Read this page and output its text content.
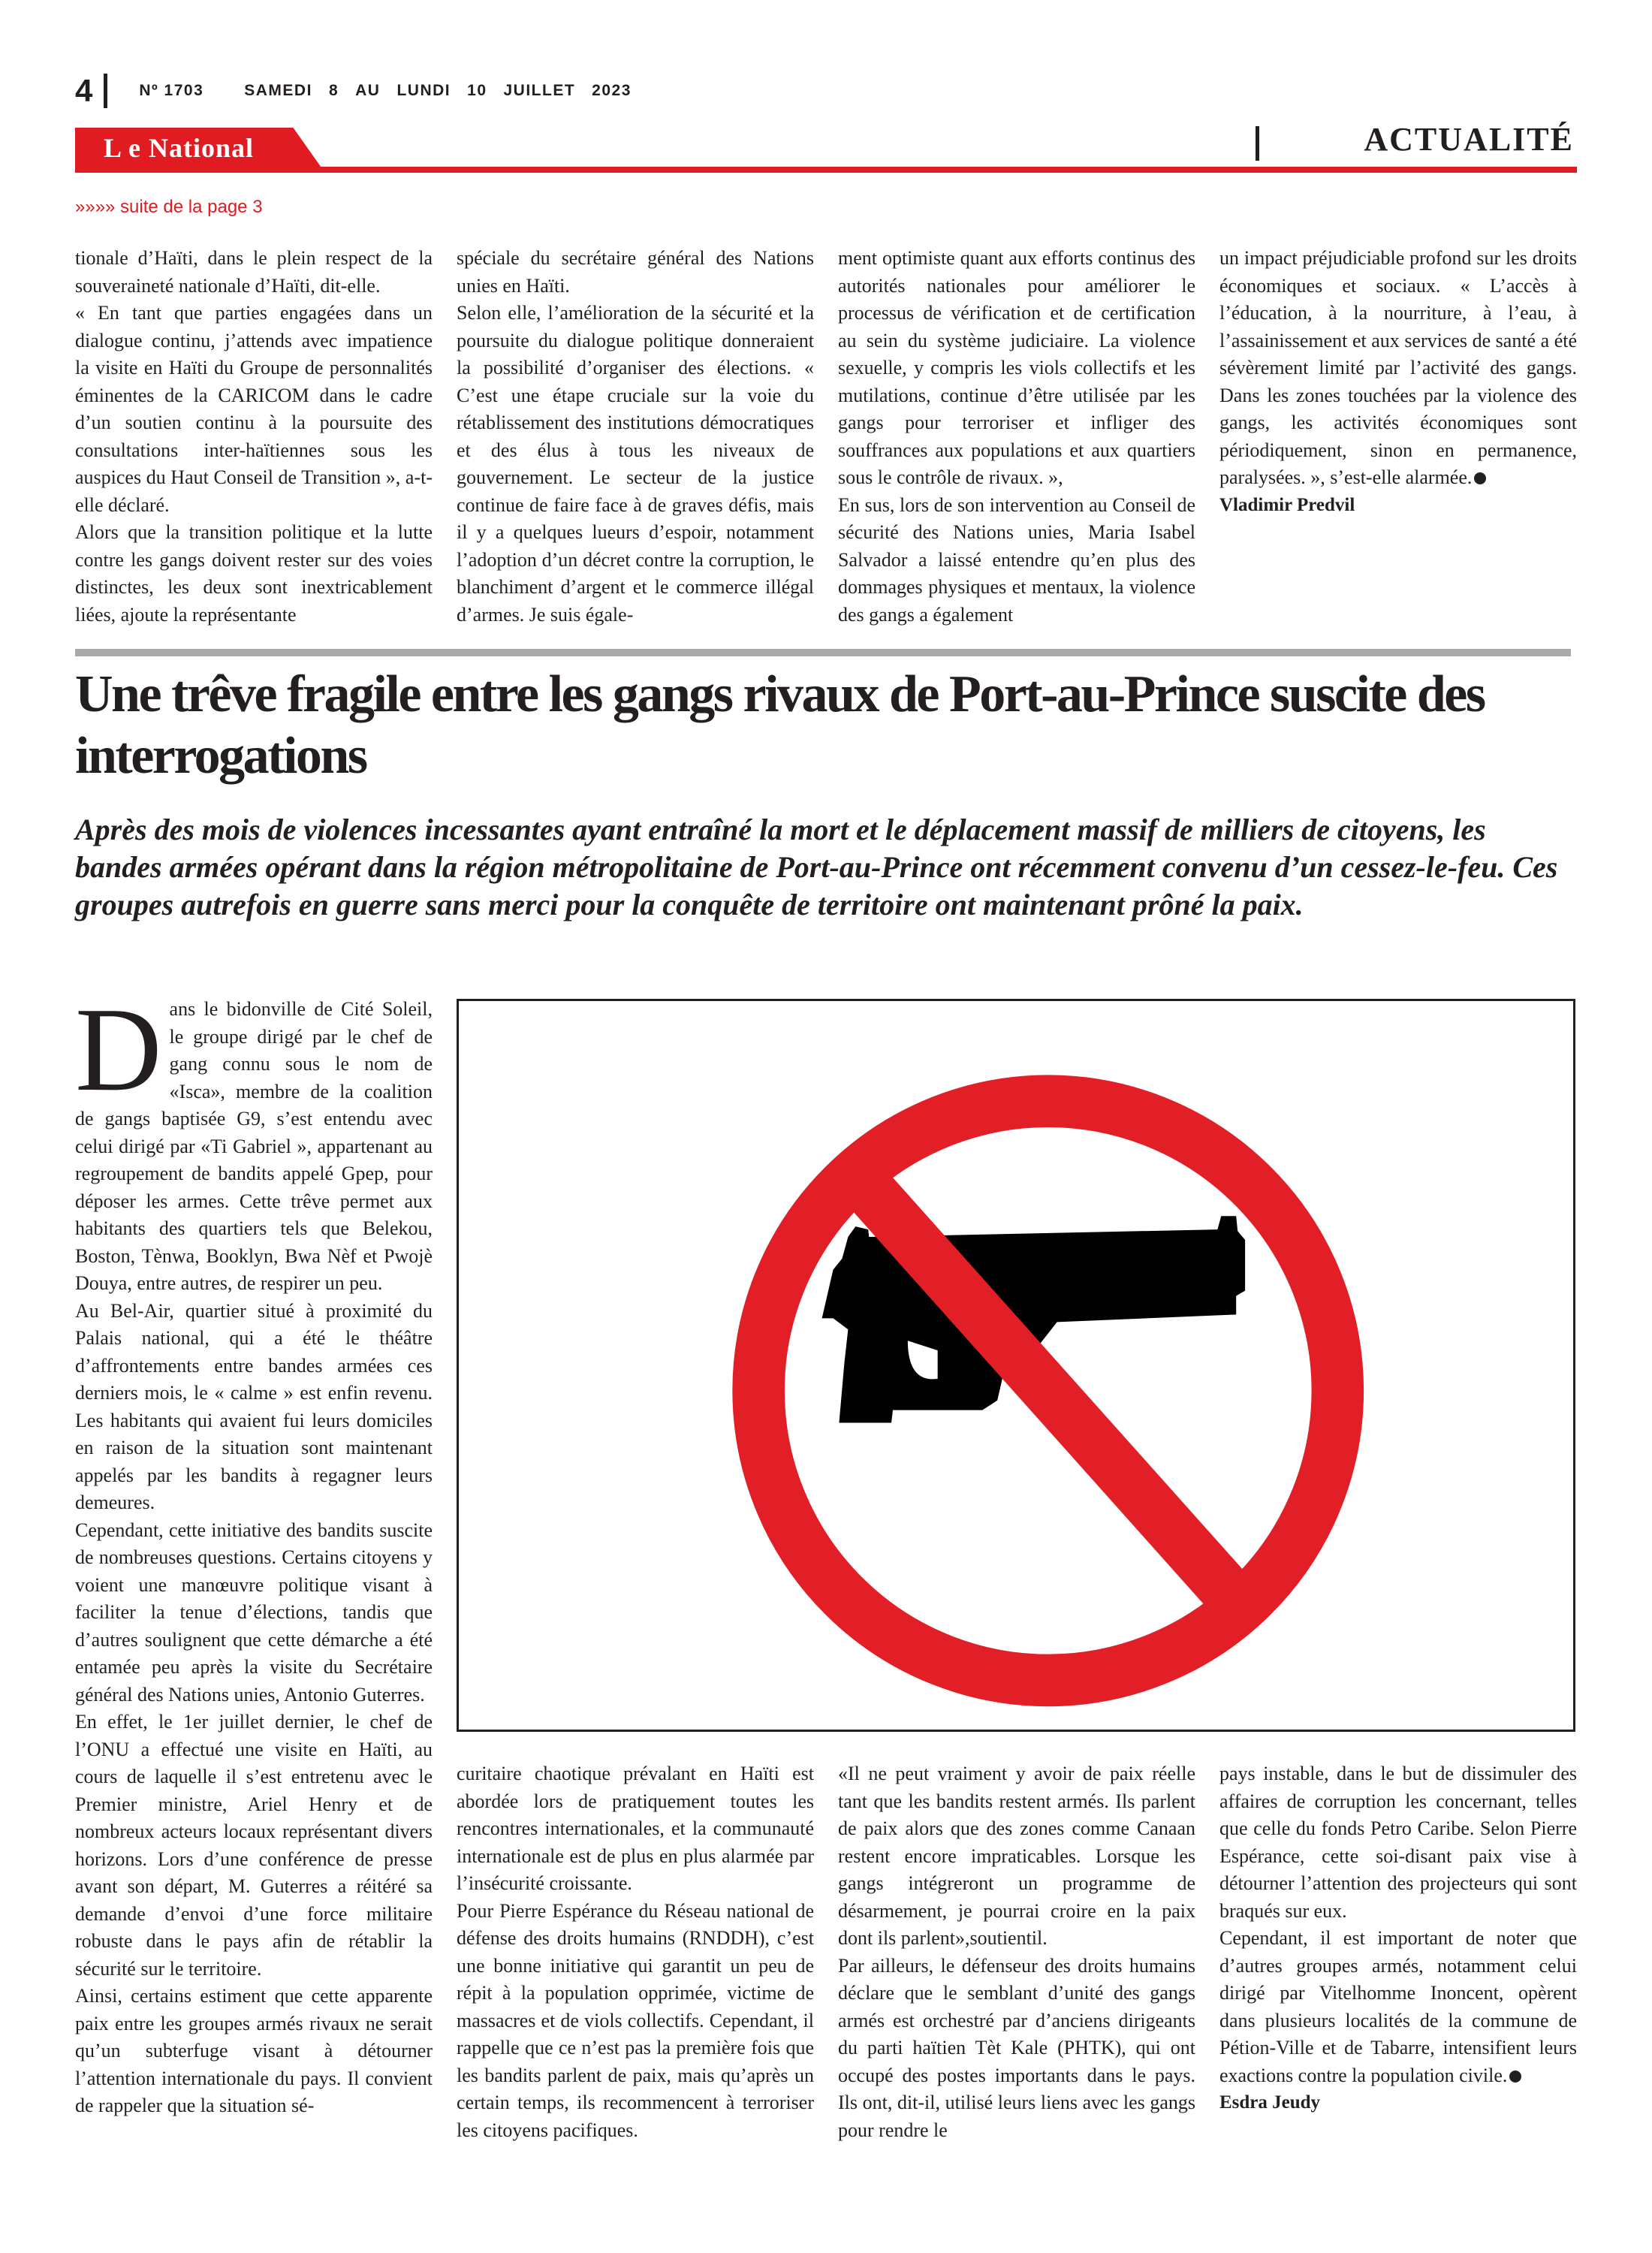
4	Nº 1703	SAMEDI 8 AU LUNDI 10 JUILLET 2023
L e National	ACTUALITÉ
»»»» suite de la page 3

tionale d’Haïti, dans le plein respect de la souveraineté nationale d’Haïti, dit-elle.

« En tant que parties engagées dans un dialogue continu, j’attends avec impatience la visite en Haïti du Groupe de personnalités éminentes de la CARICOM dans le cadre d’un soutien continu à la poursuite des consultations inter-haïtiennes sous les auspices du Haut Conseil de Transition », a-t-elle déclaré.

Alors que la transition politique et la lutte contre les gangs doivent rester sur des voies distinctes, les deux sont inextricablement liées, ajoute la représentante

spéciale du secrétaire général des Nations unies en Haïti.

Selon elle, l’amélioration de la sécurité et la poursuite du dialogue politique donneraient la possibilité d’organiser des élections. « C’est une étape cruciale sur la voie du rétablissement des institutions démocratiques et des élus à tous les niveaux de gouvernement. Le secteur de la justice continue de faire face à de graves défis, mais il y a quelques lueurs d’espoir, notamment l’adoption d’un décret contre la corruption, le blanchiment d’argent et le commerce illégal d’armes. Je suis égale-

ment optimiste quant aux efforts continus des autorités nationales pour améliorer le processus de vérification et de certification au sein du système judiciaire. La violence sexuelle, y compris les viols collectifs et les mutilations, continue d’être utilisée par les gangs pour terroriser et infliger des souffrances aux populations et aux quartiers sous le contrôle de rivaux. »,

En sus, lors de son intervention au Conseil de sécurité des Nations unies, Maria Isabel Salvador a laissé entendre qu’en plus des dommages physiques et mentaux, la violence des gangs a également

un impact préjudiciable profond sur les droits économiques et sociaux. « L’accès à l’éducation, à la nourriture, à l’eau, à l’assainissement et aux services de santé a été sévèrement limité par l’activité des gangs. Dans les zones touchées par la violence des gangs, les activités économiques sont périodiquement, sinon en permanence, paralysées. », s’est-elle alarmée.

Vladimir Predvil

Une trêve fragile entre les gangs rivaux de Port-au-Prince suscite des interrogations

Après des mois de violences incessantes ayant entraîné la mort et le déplacement massif de milliers de citoyens, les bandes armées opérant dans la région métropolitaine de Port-au-Prince ont récemment convenu d’un cessez-le-feu. Ces groupes autrefois en guerre sans merci pour la conquête de territoire ont maintenant prôné la paix.

Dans le bidonville de Cité Soleil, le groupe dirigé par le chef de gang connu sous le nom de «Isca», membre de la coalition de gangs baptisée G9, s’est entendu avec celui dirigé par «Ti Gabriel », appartenant au regroupement de bandits appelé Gpep, pour déposer les armes. Cette trêve permet aux habitants des quartiers tels que Belekou, Boston, Tènwa, Booklyn, Bwa Nèf et Pwojè Douya, entre autres, de respirer un peu.

Au Bel-Air, quartier situé à proximité du Palais national, qui a été le théâtre d’affrontements entre bandes armées ces derniers mois, le « calme » est enfin revenu. Les habitants qui avaient fui leurs domiciles en raison de la situation sont maintenant appelés par les bandits à regagner leurs demeures.

Cependant, cette initiative des bandits suscite de nombreuses questions. Certains citoyens y voient une manœuvre politique visant à faciliter la tenue d’élections, tandis que d’autres soulignent que cette démarche a été entamée peu après la visite du Secrétaire général des Nations unies, Antonio Guterres.

En effet, le 1er juillet dernier, le chef de l’ONU a effectué une visite en Haïti, au cours de laquelle il s’est entretenu avec le Premier ministre, Ariel Henry et de nombreux acteurs locaux représentant divers horizons. Lors d’une conférence de presse avant son départ, M. Guterres a réitéré sa demande d’envoi d’une force militaire robuste dans le pays afin de rétablir la sécurité sur le territoire.

Ainsi, certains estiment que cette apparente paix entre les groupes armés rivaux ne serait qu’un subterfuge visant à détourner l’attention internationale du pays. Il convient de rappeler que la situation sé-

curitaire chaotique prévalant en Haïti est abordée lors de pratiquement toutes les rencontres internationales, et la communauté internationale est de plus en plus alarmée par l’insécurité croissante.

Pour Pierre Espérance du Réseau national de défense des droits humains (RNDDH), c’est une bonne initiative qui garantit un peu de répit à la population opprimée, victime de massacres et de viols collectifs. Cependant, il rappelle que ce n’est pas la première fois que les bandits parlent de paix, mais qu’après un certain temps, ils recommencent à terroriser les citoyens pacifiques.

«Il ne peut vraiment y avoir de paix réelle tant que les bandits restent armés. Ils parlent de paix alors que des zones comme Canaan restent encore impraticables. Lorsque les gangs intégreront un programme de désarmement, je pourrai croire en la paix dont ils parlent»,soutientil.

Par ailleurs, le défenseur des droits humains déclare que le semblant d’unité des gangs armés est orchestré par d’anciens dirigeants du parti haïtien Tèt Kale (PHTK), qui ont occupé des postes importants dans le pays. Ils ont, dit-il, utilisé leurs liens avec les gangs pour rendre le

pays instable, dans le but de dissimuler des affaires de corruption les concernant, telles que celle du fonds Petro Caribe. Selon Pierre Espérance, cette soi-disant paix vise à détourner l’attention des projecteurs qui sont braqués sur eux.

Cependant, il est important de noter que d’autres groupes armés, notamment celui dirigé par Vitelhomme Inoncent, opèrent dans plusieurs localités de la commune de Pétion-Ville et de Tabarre, intensifient leurs exactions contre la population civile.

Esdra Jeudy
